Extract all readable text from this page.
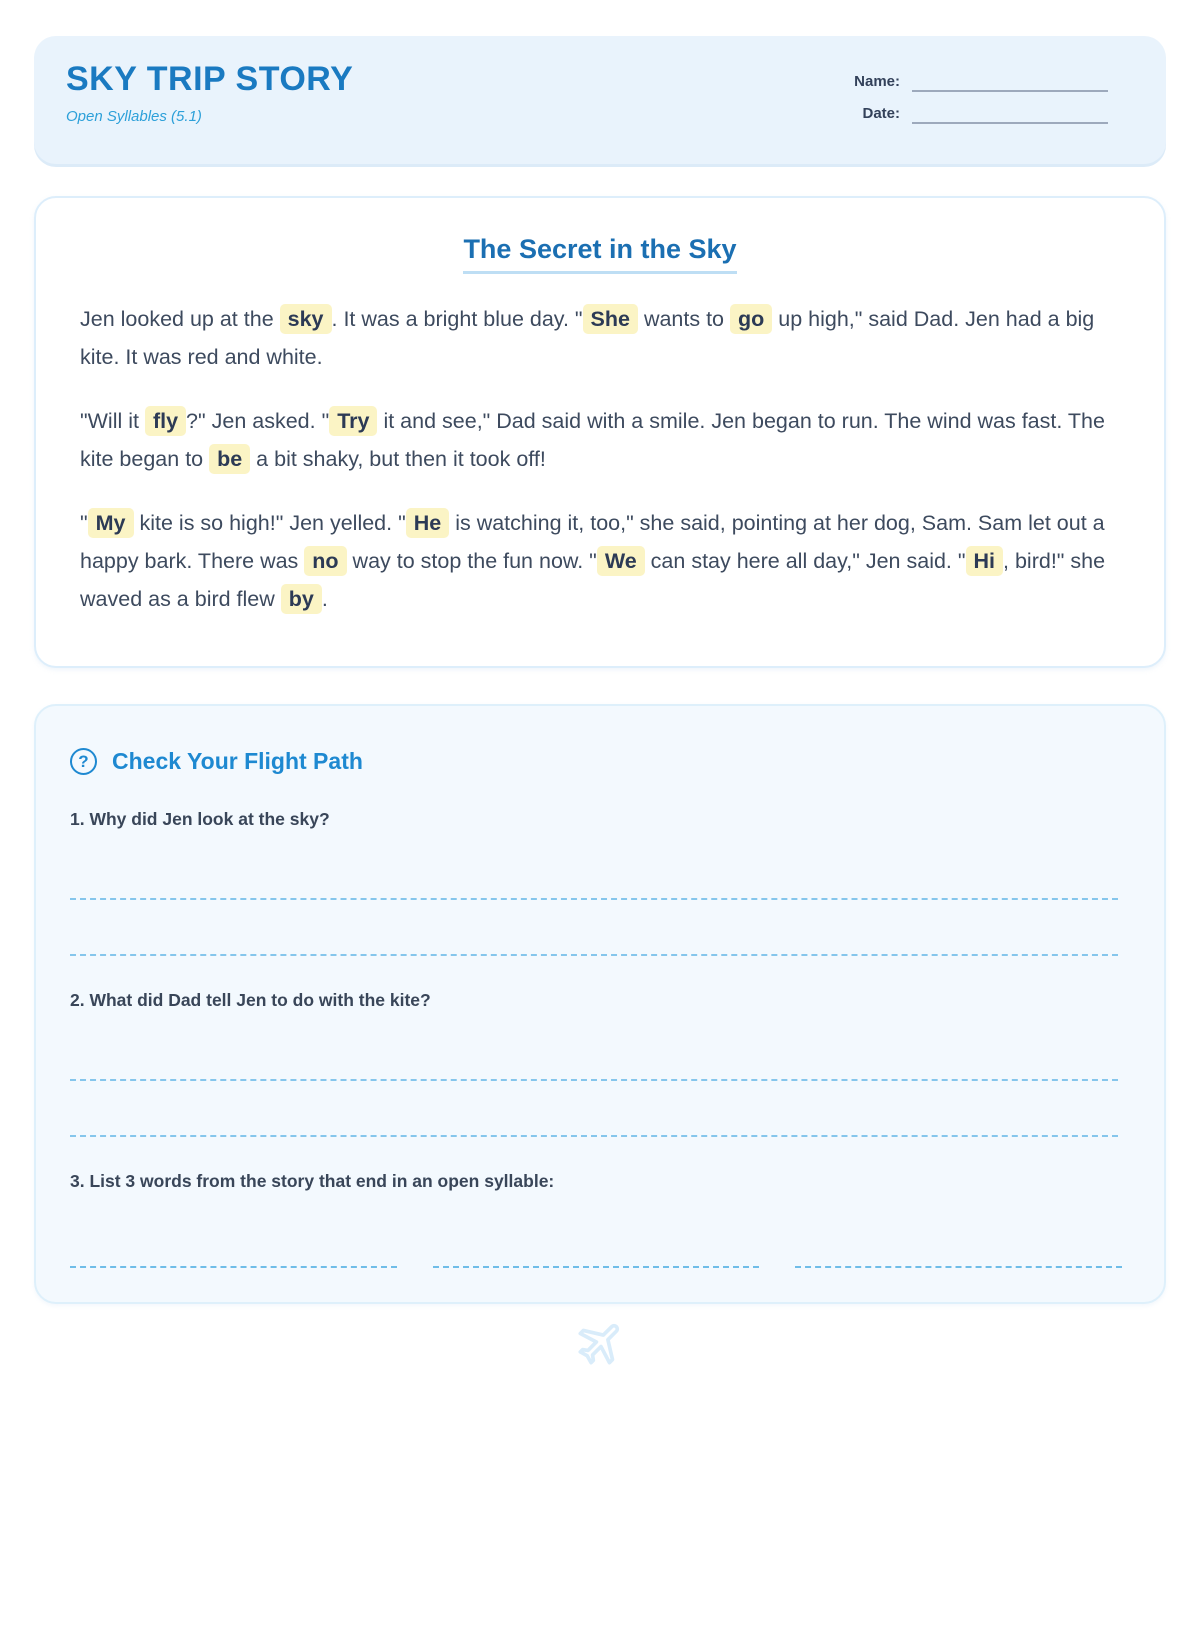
SKY TRIP STORY
Open Syllables (5.1)
Name:
Date:
The Secret in the Sky

Jen looked up at the sky . It was a bright blue day. " She wants to go up high," said Dad. Jen had a big kite. It was red and white.

"Will it fly ?" Jen asked. " Try it and see," Dad said with a smile. Jen began to run. The wind was fast. The kite began to be a bit shaky, but then it took off!

" My kite is so high!" Jen yelled. " He is watching it, too," she said, pointing at her dog, Sam. Sam let out a happy bark. There was no way to stop the fun now. " We can stay here all day," Jen said. " Hi , bird!" she waved as a bird flew by .

?	Check Your Flight Path

1. Why did Jen look at the sky?

2. What did Dad tell Jen to do with the kite?

3. List 3 words from the story that end in an open syllable:
